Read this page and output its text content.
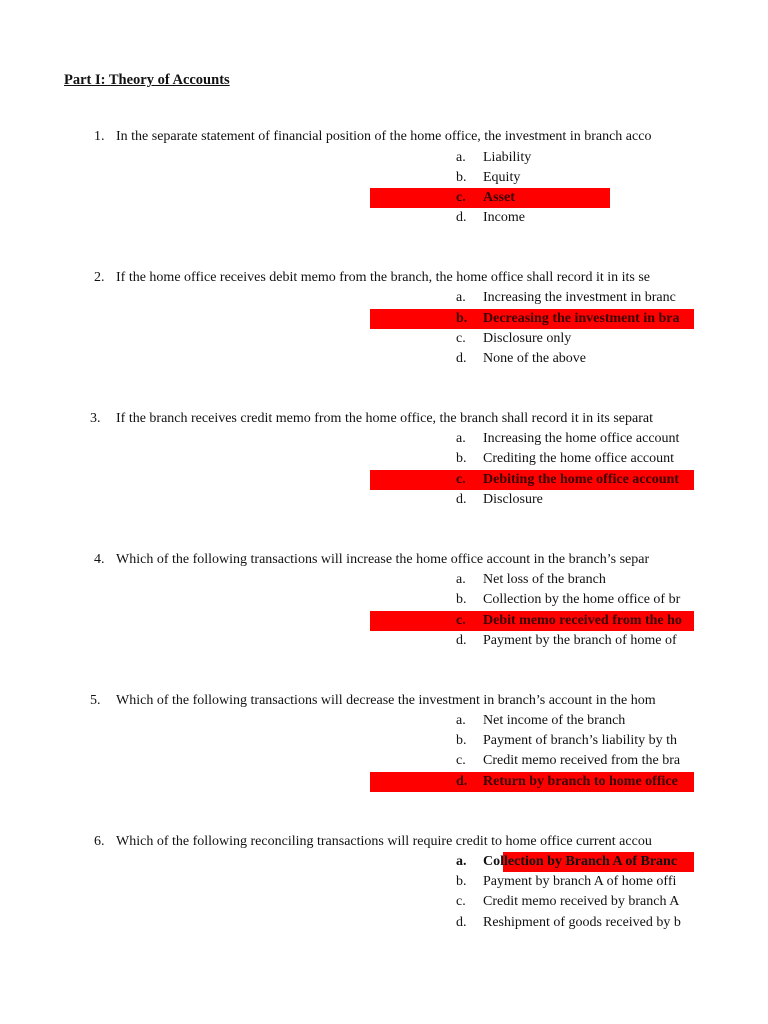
Part I: Theory of Accounts
1. In the separate statement of financial position of the home office, the investment in branch acco
a. Liability
b. Equity
c. Asset
d. Income
2. If the home office receives debit memo from the branch, the home office shall record it in its se
a. Increasing the investment in branc
b. Decreasing the investment in bra
c. Disclosure only
d. None of the above
3. If the branch receives credit memo from the home office, the branch shall record it in its separat
a. Increasing the home office account
b. Crediting the home office account
c. Debiting the home office account
d. Disclosure
4. Which of the following transactions will increase the home office account in the branch’s separ
a. Net loss of the branch
b. Collection by the home office of br
c. Debit memo received from the ho
d. Payment by the branch of home of
5. Which of the following transactions will decrease the investment in branch’s account in the hom
a. Net income of the branch
b. Payment of branch’s liability by th
c. Credit memo received from the bra
d. Return by branch to home office
6. Which of the following reconciling transactions will require credit to home office current accou
a. Collection by Branch A of Branc
b. Payment by branch A of home offi
c. Credit memo received by branch A
d. Reshipment of goods received by b
